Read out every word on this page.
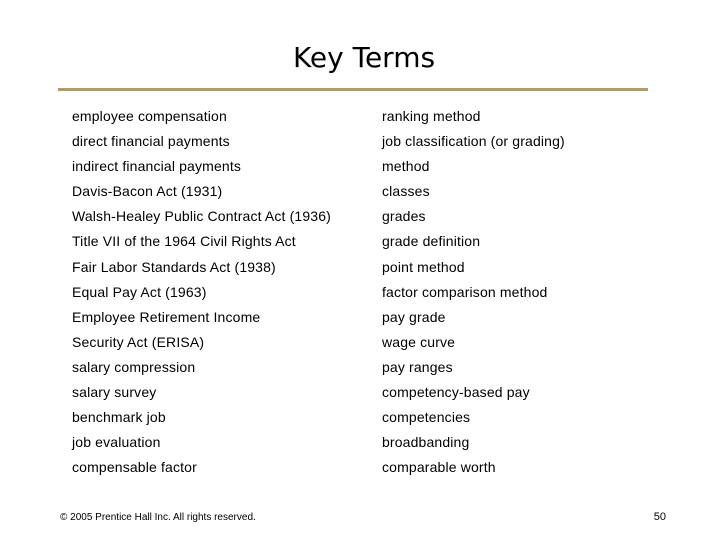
Key Terms
employee compensation
direct financial payments
indirect financial payments
Davis-Bacon Act (1931)
Walsh-Healey Public Contract Act (1936)
Title VII of the 1964 Civil Rights Act
Fair Labor Standards Act (1938)
Equal Pay Act (1963)
Employee Retirement Income
Security Act (ERISA)
salary compression
salary survey
benchmark job
job evaluation
compensable factor
ranking method
job classification (or grading)
method
classes
grades
grade definition
point method
factor comparison method
pay grade
wage curve
pay ranges
competency-based pay
competencies
broadbanding
comparable worth
© 2005 Prentice Hall Inc. All rights reserved.	50
